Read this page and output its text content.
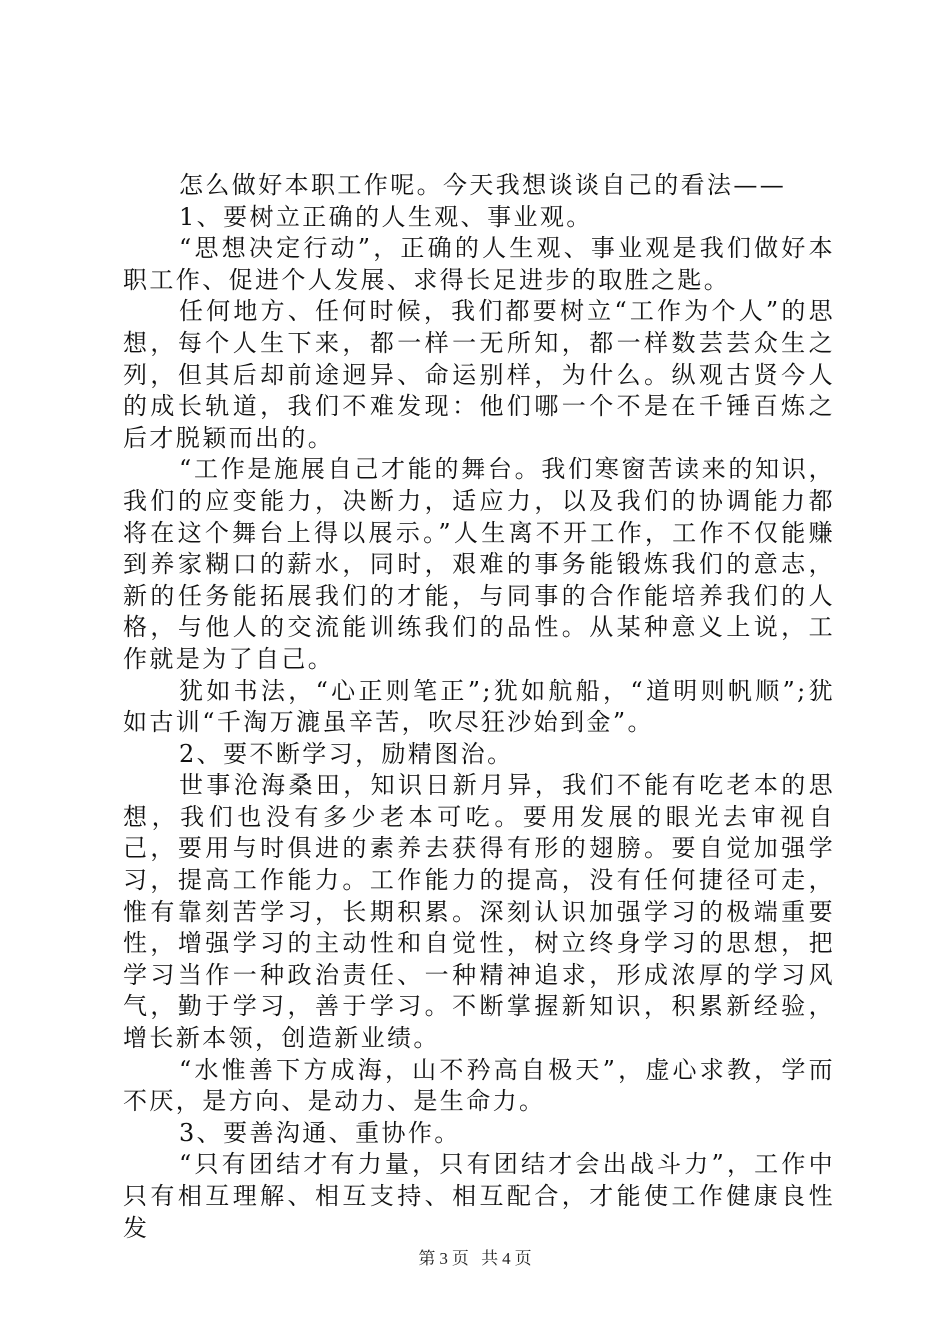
怎么做好本职工作呢。今天我想谈谈自己的看法——

1、要树立正确的人生观、事业观。

“思想决定行动”，正确的人生观、事业观是我们做好本职工作、促进个人发展、求得长足进步的取胜之匙。

任何地方、任何时候，我们都要树立“工作为个人”的思想，每个人生下来，都一样一无所知，都一样数芸芸众生之列，但其后却前途迥异、命运别样，为什么。纵观古贤今人的成长轨道，我们不难发现：他们哪一个不是在千锤百炼之后才脱颖而出的。

“工作是施展自己才能的舞台。我们寒窗苦读来的知识，我们的应变能力，决断力，适应力，以及我们的协调能力都将在这个舞台上得以展示。”人生离不开工作，工作不仅能赚到养家糊口的薪水，同时，艰难的事务能锻炼我们的意志，新的任务能拓展我们的才能，与同事的合作能培养我们的人格，与他人的交流能训练我们的品性。从某种意义上说，工作就是为了自己。

犹如书法，“心正则笔正”;犹如航船，“道明则帆顺”;犹如古训“千淘万漉虽辛苦，吹尽狂沙始到金”。

2、要不断学习，励精图治。

世事沧海桑田，知识日新月异，我们不能有吃老本的思想，我们也没有多少老本可吃。要用发展的眼光去审视自己，要用与时俱进的素养去获得有形的翅膀。要自觉加强学习，提高工作能力。工作能力的提高，没有任何捷径可走，惟有靠刻苦学习，长期积累。深刻认识加强学习的极端重要性，增强学习的主动性和自觉性，树立终身学习的思想，把学习当作一种政治责任、一种精神追求，形成浓厚的学习风气，勤于学习，善于学习。不断掌握新知识，积累新经验，增长新本领，创造新业绩。

“水惟善下方成海，山不矜高自极天”，虚心求教，学而不厌，是方向、是动力、是生命力。

3、要善沟通、重协作。

“只有团结才有力量，只有团结才会出战斗力”，工作中只有相互理解、相互支持、相互配合，才能使工作健康良性发

第 3 页 共 4 页
